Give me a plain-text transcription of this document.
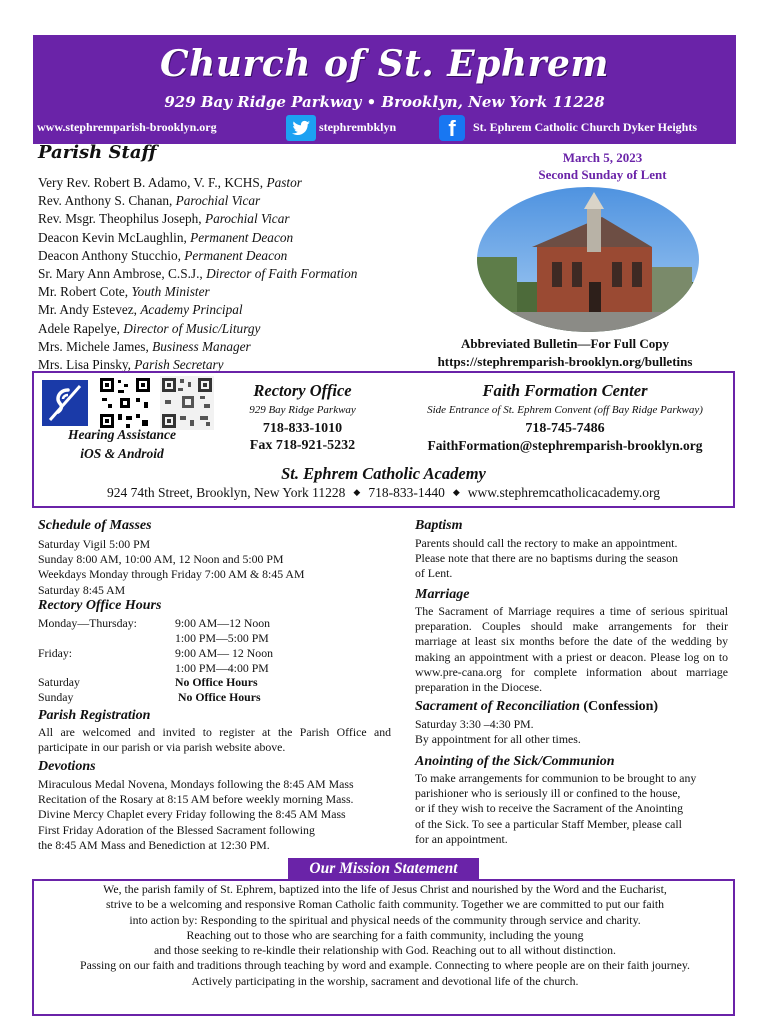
Church of St. Ephrem
929 Bay Ridge Parkway • Brooklyn, New York 11228
www.stephremparish-brooklyn.org	stephrembklyn	f	St. Ephrem Catholic Church Dyker Heights
Parish Staff
Very Rev. Robert B. Adamo, V. F., KCHS, Pastor
Rev. Anthony S. Chanan, Parochial Vicar
Rev. Msgr. Theophilus Joseph, Parochial Vicar
Deacon Kevin McLaughlin, Permanent Deacon
Deacon Anthony Stucchio, Permanent Deacon
Sr. Mary Ann Ambrose, C.S.J., Director of Faith Formation
Mr. Robert Cote, Youth Minister
Mr. Andy Estevez, Academy Principal
Adele Rapelye, Director of Music/Liturgy
Mrs. Michele James, Business Manager
Mrs. Lisa Pinsky, Parish Secretary
March 5, 2023
Second Sunday of Lent
Abbreviated Bulletin—For Full Copy
https://stephremparish-brooklyn.org/bulletins
Hearing Assistance
iOS & Android
Rectory Office
929 Bay Ridge Parkway
718-833-1010
Fax 718-921-5232
Faith Formation Center
Side Entrance of St. Ephrem Convent (off Bay Ridge Parkway)
718-745-7486
FaithFormation@stephremparish-brooklyn.org
St. Ephrem Catholic Academy
924 74th Street, Brooklyn, New York 11228 ◆ 718-833-1440 ◆ www.stephremcatholicacademy.org
Schedule of Masses
Saturday Vigil 5:00 PM
Sunday 8:00 AM, 10:00 AM, 12 Noon and 5:00 PM
Weekdays Monday through Friday 7:00 AM & 8:45 AM
Saturday 8:45 AM
Rectory Office Hours
Monday—Thursday:	9:00 AM—12 Noon
1:00 PM—5:00 PM
Friday:	9:00 AM— 12 Noon
1:00 PM—4:00 PM
Saturday	No Office Hours
Sunday	No Office Hours
Parish Registration
All are welcomed and invited to register at the Parish Office and participate in our parish or via parish website above.
Devotions
Miraculous Medal Novena, Mondays following the 8:45 AM Mass
Recitation of the Rosary at 8:15 AM before weekly morning Mass.
Divine Mercy Chaplet every Friday following the 8:45 AM Mass
First Friday Adoration of the Blessed Sacrament following
the 8:45 AM Mass and Benediction at 12:30 PM.
Baptism
Parents should call the rectory to make an appointment.
Please note that there are no baptisms during the season
of Lent.
Marriage
The Sacrament of Marriage requires a time of serious spiritual preparation. Couples should make arrangements for their marriage at least six months before the date of the wedding by making an appointment with a priest or deacon. Please log on to www.pre-cana.org for complete information about marriage preparation in the Diocese.
Sacrament of Reconciliation (Confession)
Saturday 3:30 –4:30 PM.
By appointment for all other times.
Anointing of the Sick/Communion
To make arrangements for communion to be brought to any
parishioner who is seriously ill or confined to the house,
or if they wish to receive the Sacrament of the Anointing
of the Sick. To see a particular Staff Member, please call
for an appointment.
Our Mission Statement
We, the parish family of St. Ephrem, baptized into the life of Jesus Christ and nourished by the Word and the Eucharist,
strive to be a welcoming and responsive Roman Catholic faith community. Together we are committed to put our faith
into action by: Responding to the spiritual and physical needs of the community through service and charity.
Reaching out to those who are searching for a faith community, including the young
and those seeking to re-kindle their relationship with God. Reaching out to all without distinction.
Passing on our faith and traditions through teaching by word and example. Connecting to where people are on their faith journey.
Actively participating in the worship, sacrament and devotional life of the church.
